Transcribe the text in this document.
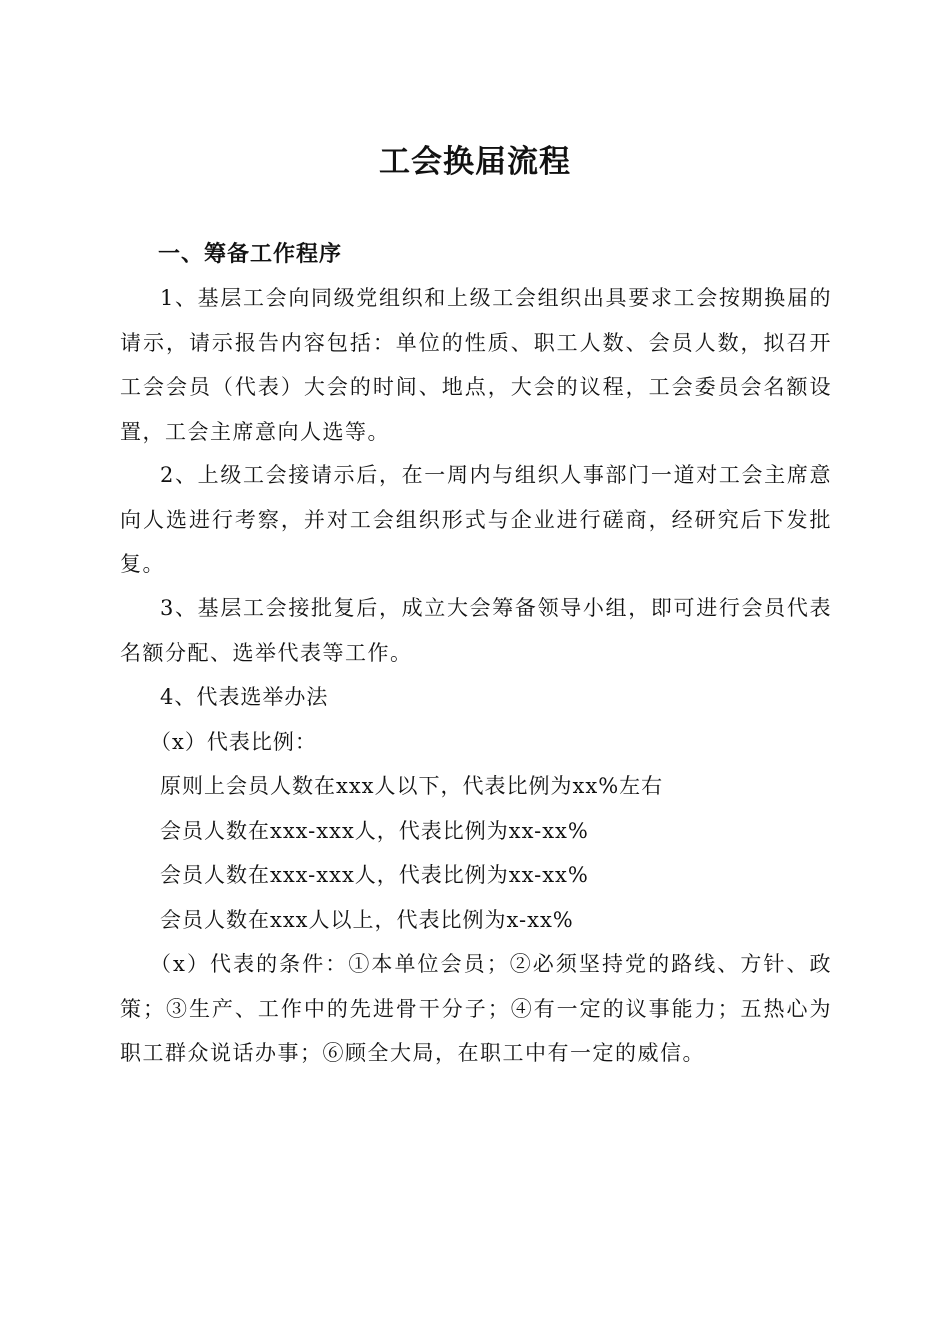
工会换届流程
一、筹备工作程序
1、基层工会向同级党组织和上级工会组织出具要求工会按期换届的请示，请示报告内容包括：单位的性质、职工人数、会员人数，拟召开工会会员（代表）大会的时间、地点，大会的议程，工会委员会名额设置，工会主席意向人选等。
2、上级工会接请示后，在一周内与组织人事部门一道对工会主席意向人选进行考察，并对工会组织形式与企业进行磋商，经研究后下发批复。
3、基层工会接批复后，成立大会筹备领导小组，即可进行会员代表名额分配、选举代表等工作。
4、代表选举办法
（x）代表比例：
原则上会员人数在xxx人以下，代表比例为xx%左右
会员人数在xxx-xxx人，代表比例为xx-xx%
会员人数在xxx-xxx人，代表比例为xx-xx%
会员人数在xxx人以上，代表比例为x-xx%
（x）代表的条件：①本单位会员；②必须坚持党的路线、方针、政策；③生产、工作中的先进骨干分子；④有一定的议事能力；五热心为职工群众说话办事；⑥顾全大局，在职工中有一定的威信。
